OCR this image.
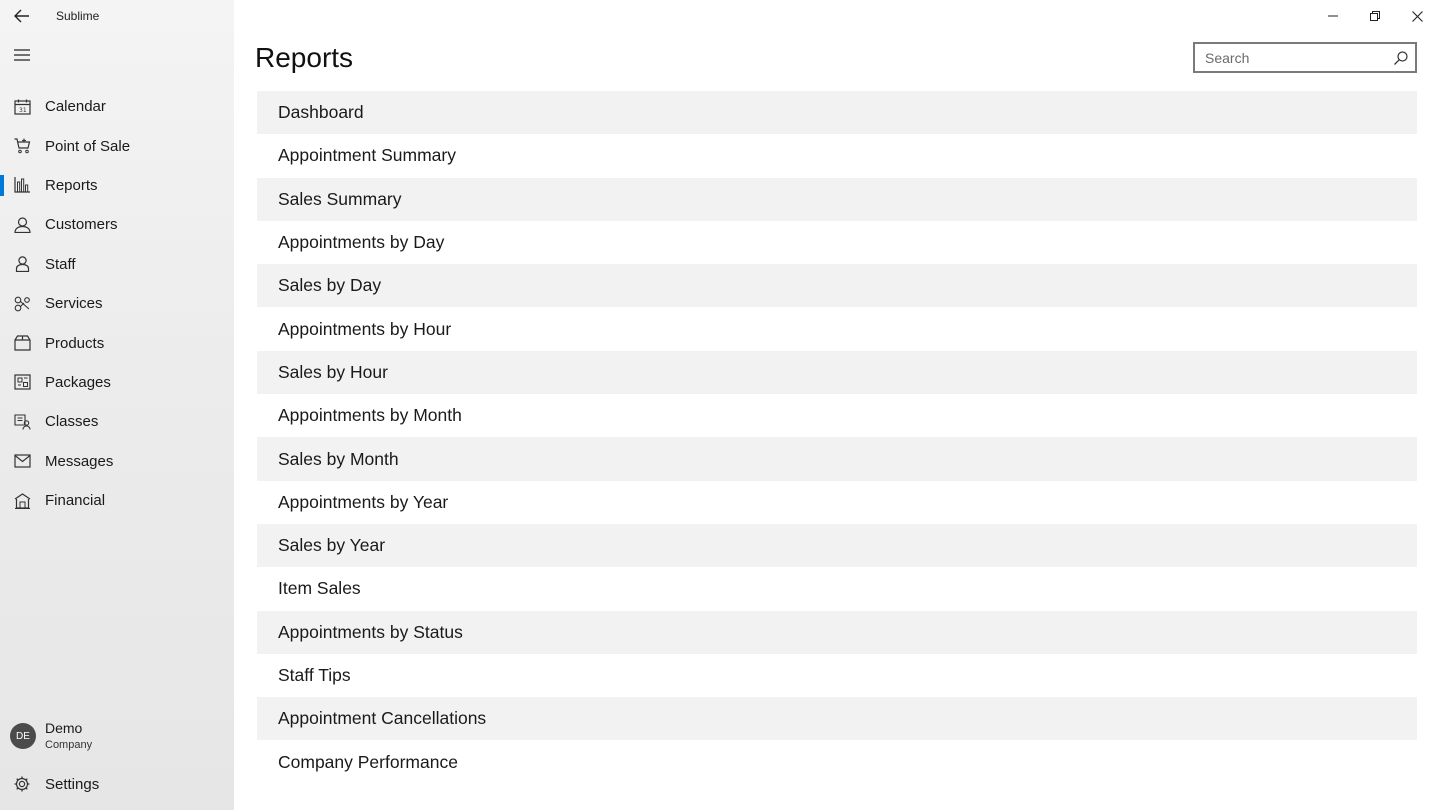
Sublime
31 Calendar
Point of Sale
Reports
Customers
Staff
Services
Products
Packages
Classes
Messages
Financial
DE	Demo
Company
Settings
Reports
Search
Dashboard
Appointment Summary
Sales Summary
Appointments by Day
Sales by Day
Appointments by Hour
Sales by Hour
Appointments by Month
Sales by Month
Appointments by Year
Sales by Year
Item Sales
Appointments by Status
Staff Tips
Appointment Cancellations
Company Performance
